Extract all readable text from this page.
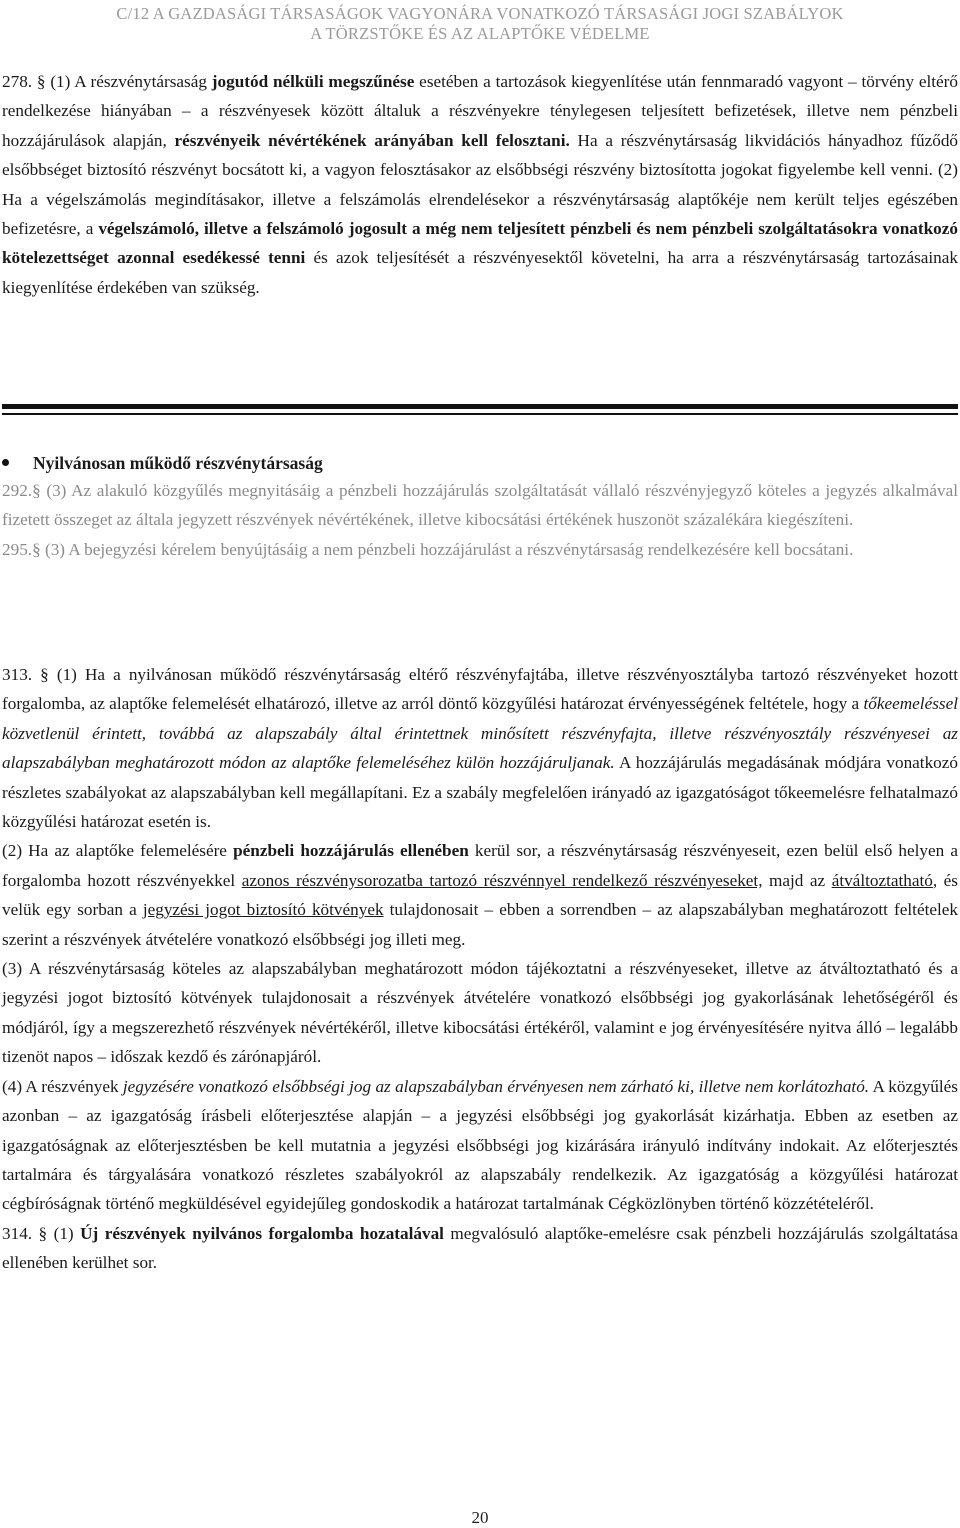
C/12 A GAZDASÁGI TÁRSASÁGOK VAGYONÁRA VONATKOZÓ TÁRSASÁGI JOGI SZABÁLYOK
A TÖRZSTŐKE ÉS AZ ALAPTŐKE VÉDELME

278. § (1) A részvénytársaság jogutód nélküli megszűnése esetében a tartozások kiegyenlítése után fennmaradó vagyont – törvény eltérő rendelkezése hiányában – a részvényesek között általuk a részvényekre ténylegesen teljesített befizetések, illetve nem pénzbeli hozzájárulások alapján, részvényeik névértékének arányában kell felosztani. Ha a részvénytársaság likvidációs hányadhoz fűződő elsőbbséget biztosító részvényt bocsátott ki, a vagyon felosztásakor az elsőbbségi részvény biztosította jogokat figyelembe kell venni. (2) Ha a végelszámolás megindításakor, illetve a felszámolás elrendelésekor a részvénytársaság alaptőkéje nem került teljes egészében befizetésre, a végelszámoló, illetve a felszámoló jogosult a még nem teljesített pénzbeli és nem pénzbeli szolgáltatásokra vonatkozó kötelezettséget azonnal esedékessé tenni és azok teljesítését a részvényesektől követelni, ha arra a részvénytársaság tartozásainak kiegyenlítése érdekében van szükség.

Nyilvánosan működő részvénytársaság

292.§ (3) Az alakuló közgyűlés megnyitásáig a pénzbeli hozzájárulás szolgáltatását vállaló részvényjegyző köteles a jegyzés alkalmával fizetett összeget az általa jegyzett részvények névértékének, illetve kibocsátási értékének huszonöt százalékára kiegészíteni.

295.§ (3) A bejegyzési kérelem benyújtásáig a nem pénzbeli hozzájárulást a részvénytársaság rendelkezésére kell bocsátani.

313. § (1) Ha a nyilvánosan működő részvénytársaság eltérő részvényfajtába, illetve részvényosztályba tartozó részvényeket hozott forgalomba, az alaptőke felemelését elhatározó, illetve az arról döntő közgyűlési határozat érvényességének feltétele, hogy a tőkeemeléssel közvetlenül érintett, továbbá az alapszabály által érintettnek minősített részvényfajta, illetve részvényosztály részvényesei az alapszabályban meghatározott módon az alaptőke felemeléséhez külön hozzájáruljanak. A hozzájárulás megadásának módjára vonatkozó részletes szabályokat az alapszabályban kell megállapítani. Ez a szabály megfelelően irányadó az igazgatóságot tőkeemelésre felhatalmazó közgyűlési határozat esetén is.

(2) Ha az alaptőke felemelésére pénzbeli hozzájárulás ellenében kerül sor, a részvénytársaság részvényeseit, ezen belül első helyen a forgalomba hozott részvényekkel azonos részvénysorozatba tartozó részvénnyel rendelkező részvényeseket, majd az átváltoztatható, és velük egy sorban a jegyzési jogot biztosító kötvények tulajdonosait – ebben a sorrendben – az alapszabályban meghatározott feltételek szerint a részvények átvételére vonatkozó elsőbbségi jog illeti meg.

(3) A részvénytársaság köteles az alapszabályban meghatározott módon tájékoztatni a részvényeseket, illetve az átváltoztatható és a jegyzési jogot biztosító kötvények tulajdonosait a részvények átvételére vonatkozó elsőbbségi jog gyakorlásának lehetőségéről és módjáról, így a megszerezhető részvények névértékéről, illetve kibocsátási értékéről, valamint e jog érvényesítésére nyitva álló – legalább tizenöt napos – időszak kezdő és zárónapjáról.

(4) A részvények jegyzésére vonatkozó elsőbbségi jog az alapszabályban érvényesen nem zárható ki, illetve nem korlátozható. A közgyűlés azonban – az igazgatóság írásbeli előterjesztése alapján – a jegyzési elsőbbségi jog gyakorlását kizárhatja. Ebben az esetben az igazgatóságnak az előterjesztésben be kell mutatnia a jegyzési elsőbbségi jog kizárására irányuló indítvány indokait. Az előterjesztés tartalmára és tárgyalására vonatkozó részletes szabályokról az alapszabály rendelkezik. Az igazgatóság a közgyűlési határozat cégbíróságnak történő megküldésével egyidejűleg gondoskodik a határozat tartalmának Cégközlönyben történő közzétételéről.

314. § (1) Új részvények nyilvános forgalomba hozatalával megvalósuló alaptőke-emelésre csak pénzbeli hozzájárulás szolgáltatása ellenében kerülhet sor.

20
